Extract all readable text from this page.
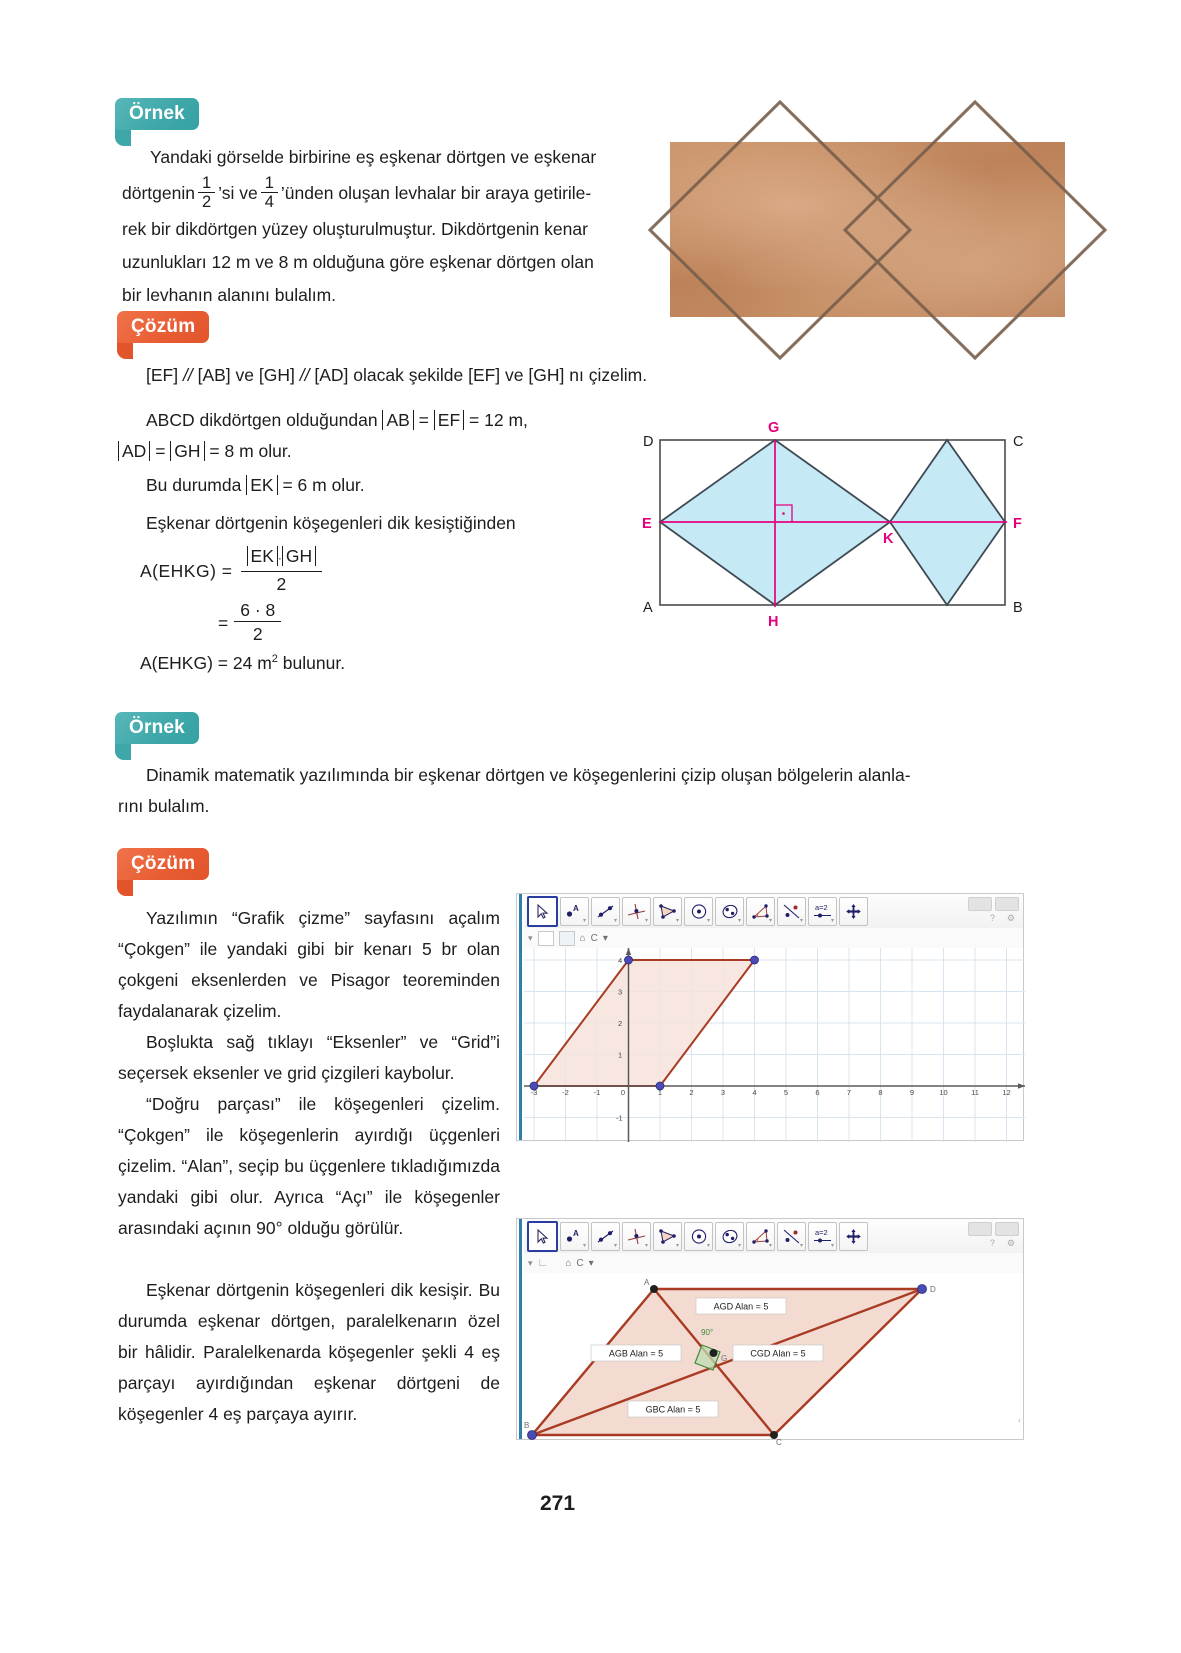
Örnek
Yandaki görselde birbirine eş eşkenar dörtgen ve eşkenar
dörtgenin $\frac{1}{2}$ ’si ve $\frac{1}{4}$ ’ünden oluşan levhalar bir araya getirile-
rek bir dikdörtgen yüzey oluşturulmuştur. Dikdörtgenin kenar
uzunlukları 12 m ve 8 m olduğuna göre eşkenar dörtgen olan
bir levhanın alanını bulalım.
Çözüm
[EF] // [AB] ve [GH] // [AD] olacak şekilde [EF] ve [GH] nı çizelim.
ABCD dikdörtgen olduğundan AB = EF = 12 m,
AD = GH = 8 m olur.
Bu durumda EK = 6 m olur.
Eşkenar dörtgenin köşegenleri dik kesiştiğinden
A(EHKG) = $\frac{EK \cdot GH}{2}$
= $\frac{6 \cdot 8}{2}$
A(EHKG) = 24 $m^2$ bulunur.
D	C
A	B
G
H
E	F
K
Örnek
Dinamik matematik yazılımında bir eşkenar dörtgen ve köşegenlerini çizip oluşan bölgelerin alanla-
rını bulalım.
Çözüm
Yazılımın “Grafik çizme” sayfasını açalım “Çokgen” ile yandaki gibi bir kenarı 5 br olan çokgeni eksenlerden ve Pisagor teoreminden faydalanarak çizelim.
Boşlukta sağ tıklayı “Eksenler” ve “Grid”i seçersek eksenler ve grid çizgileri kaybolur.
“Doğru parçası” ile köşegenleri çizelim. “Çokgen” ile köşegenlerin ayırdığı üçgenleri çizelim. “Alan”, seçip bu üçgenlere tıkladığımızda yandaki gibi olur. Ayrıca “Açı” ile köşegenler arasındaki açının 90° olduğu görülür.
Eşkenar dörtgenin köşegenleri dik kesişir. Bu durumda eşkenar dörtgen, paralelkenarın özel bir hâlidir. Paralelkenarda köşegenler şekli 4 eş parçayı ayırdığından eşkenar dörtgeni de köşegenler 4 eş parçaya ayırır.
A
▾	▾	▾	▾	▾	▾	▾	▾
a=2
▾	? ⚙
▾	⌂ C ▾
4
3
2
1
-1
-3	-2	-1	0	1	2	3	4	5	6	7	8	9	10	11	12
A
▾	▾	▾	▾	▾	▾	▾	▾
a=2
▾	? ⚙
▾ ∟ ⌂ C ▾
90°
A
D
C
B
G
AGD Alan = 5
AGB Alan = 5	CGD Alan = 5
GBC Alan = 5
‹
271
